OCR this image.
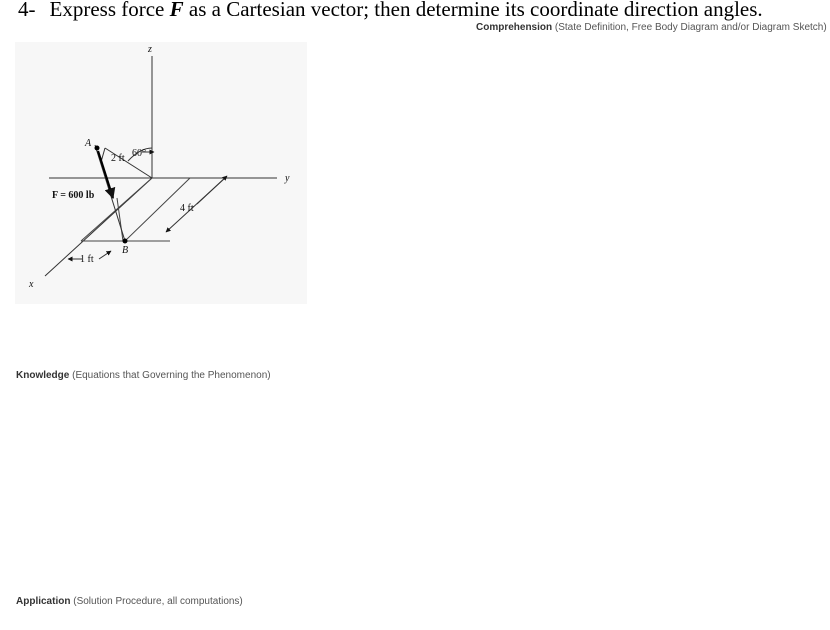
4- Express force F as a Cartesian vector; then determine its coordinate direction angles.
Comprehension (State Definition, Free Body Diagram and/or Diagram Sketch)
z
y
x
A
B
F = 600 lb
2 ft 60°
4 ft
1 ft
Knowledge (Equations that Governing the Phenomenon)
Application (Solution Procedure, all computations)
